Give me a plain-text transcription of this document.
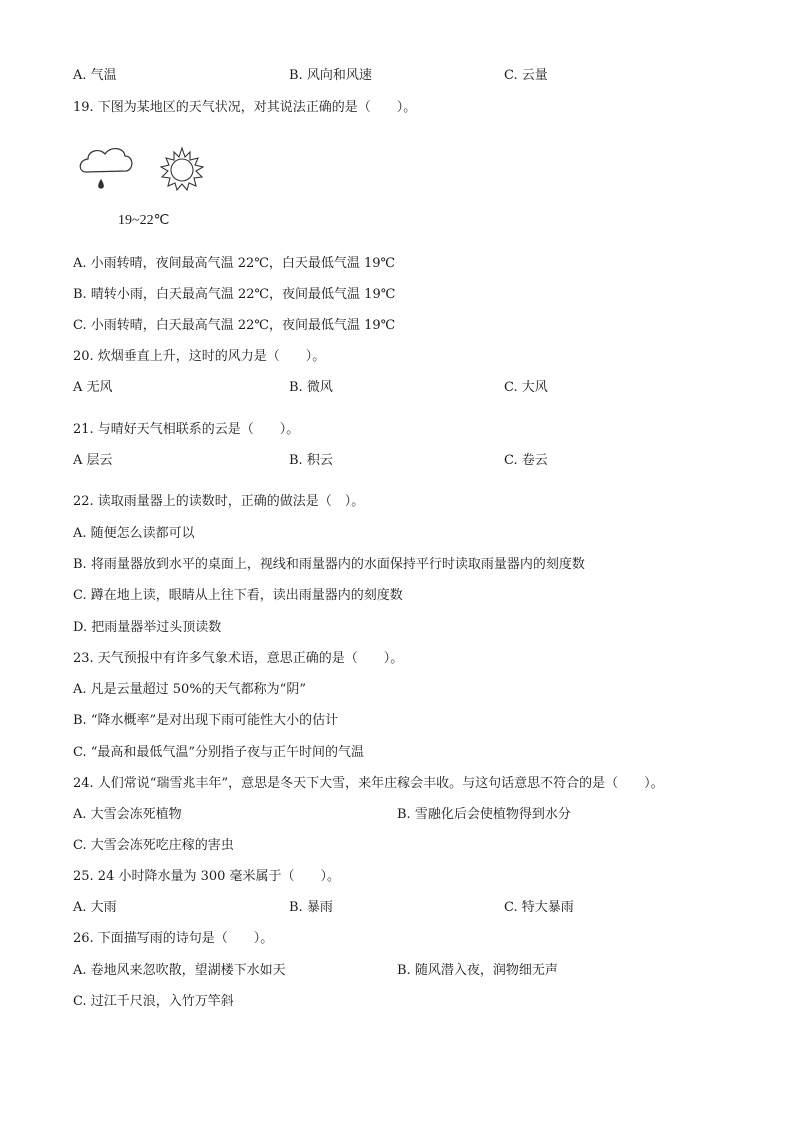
A. 气温	B. 风向和风速	C. 云量
19. 下图为某地区的天气状况，对其说法正确的是（　　）。
19~22℃
A. 小雨转晴，夜间最高气温 22℃，白天最低气温 19℃
B. 晴转小雨，白天最高气温 22℃，夜间最低气温 19℃
C. 小雨转晴，白天最高气温 22℃，夜间最低气温 19℃
20. 炊烟垂直上升，这时的风力是（　　）。
A 无风	B. 微风	C. 大风
21. 与晴好天气相联系的云是（　　）。
A 层云	B. 积云	C. 卷云
22. 读取雨量器上的读数时，正确的做法是（　）。
A. 随便怎么读都可以
B. 将雨量器放到水平的桌面上，视线和雨量器内的水面保持平行时读取雨量器内的刻度数
C. 蹲在地上读，眼睛从上往下看，读出雨量器内的刻度数
D. 把雨量器举过头顶读数
23. 天气预报中有许多气象术语，意思正确的是（　　）。
A. 凡是云量超过 50%的天气都称为“阴”
B. “降水概率”是对出现下雨可能性大小的估计
C. “最高和最低气温”分别指子夜与正午时间的气温
24. 人们常说“瑞雪兆丰年”，意思是冬天下大雪，来年庄稼会丰收。与这句话意思不符合的是（　　）。
A. 大雪会冻死植物	B. 雪融化后会使植物得到水分
C. 大雪会冻死吃庄稼的害虫
25. 24 小时降水量为 300 毫米属于（　　）。
A. 大雨	B. 暴雨	C. 特大暴雨
26. 下面描写雨的诗句是（　　）。
A. 卷地风来忽吹散，望湖楼下水如天	B. 随风潜入夜，润物细无声
C. 过江千尺浪，入竹万竿斜
